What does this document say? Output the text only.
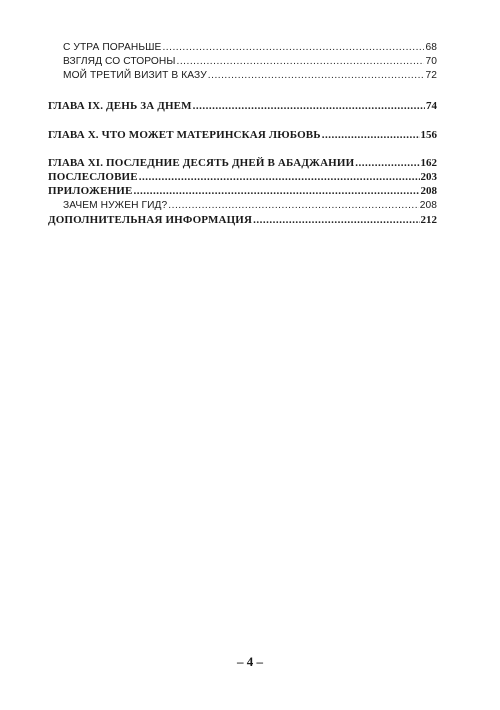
С УТРА ПОРАНЬШЕ .....	68
ВЗГЛЯД СО СТОРОНЫ .....	70
МОЙ ТРЕТИЙ ВИЗИТ В КАЗУ .....	72
ГЛАВА IX. ДЕНЬ ЗА ДНЕМ .....	74
ГЛАВА X. ЧТО МОЖЕТ МАТЕРИНСКАЯ ЛЮБОВЬ .....	156
ГЛАВА XI. ПОСЛЕДНИЕ ДЕСЯТЬ ДНЕЙ В АБАДЖАНИИ .....	162
ПОСЛЕСЛОВИЕ .....	203
ПРИЛОЖЕНИЕ .....	208
ЗАЧЕМ НУЖЕН ГИД? .....	208
ДОПОЛНИТЕЛЬНАЯ ИНФОРМАЦИЯ .....	212
– 4 –
